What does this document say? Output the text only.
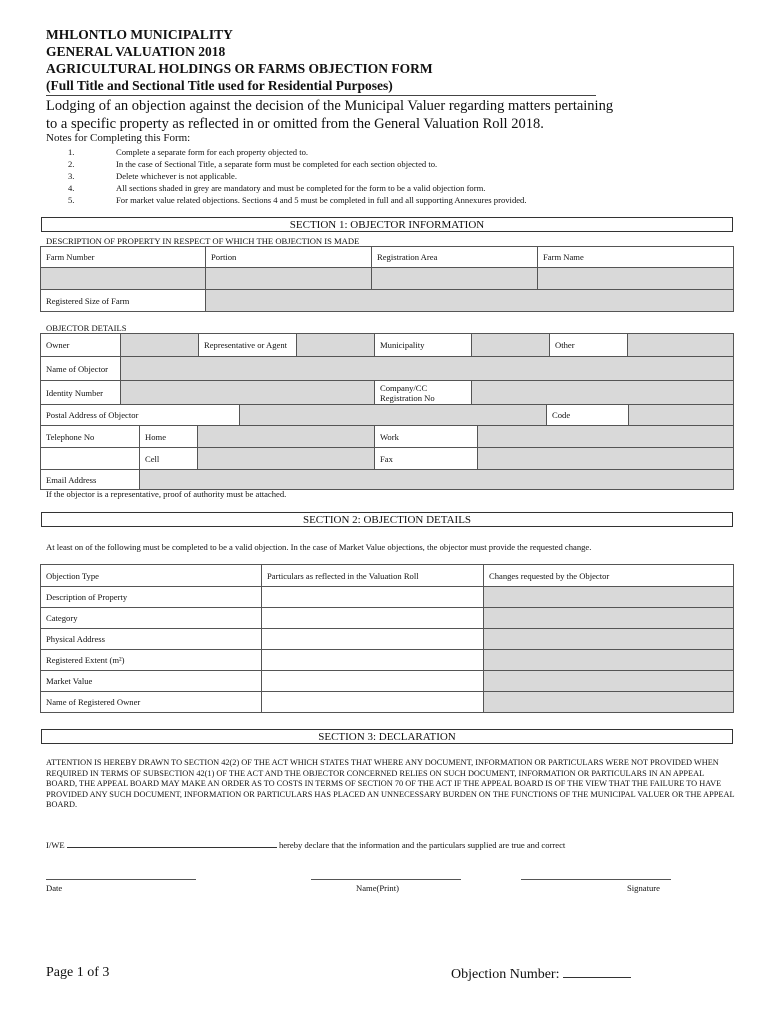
MHLONTLO MUNICIPALITY
GENERAL VALUATION 2018
AGRICULTURAL HOLDINGS OR FARMS OBJECTION FORM
(Full Title and Sectional Title used for Residential Purposes)
Lodging of an objection against the decision of the Municipal Valuer regarding matters pertaining
to a specific property as reflected in or omitted from the General Valuation Roll 2018.
Notes for Completing this Form:
1.	Complete a separate form for each property objected to.
2.	In the case of Sectional Title, a separate form must be completed for each section objected to.
3.	Delete whichever is not applicable.
4.	All sections shaded in grey are mandatory and must be completed for the form to be a valid objection form.
5.	For market value related objections. Sections 4 and 5 must be completed in full and all supporting Annexures provided.
SECTION 1: OBJECTOR INFORMATION
DESCRIPTION OF PROPERTY IN RESPECT OF WHICH THE OBJECTION IS MADE
Farm Number	Portion	Registration Area	Farm Name

Registered Size of Farm			
OBJECTOR DETAILS
Owner		Representative or Agent		Municipality		Other	
Name of Objector							
Identity Number				Company/CC Registration No			
Postal Address of Objector		Code	
Telephone No	Home		Work	
	Cell		Fax	
Email Address				
If the objector is a representative, proof of authority must be attached.
SECTION 2: OBJECTION DETAILS
At least on of the following must be completed to be a valid objection. In the case of Market Value objections, the objector must provide the requested change.
Objection Type	Particulars as reflected in the Valuation Roll	Changes requested by the Objector
Description of Property		
Category		
Physical Address		
Registered Extent (m²)		
Market Value		
Name of Registered Owner		
SECTION 3: DECLARATION
ATTENTION IS HEREBY DRAWN TO SECTION 42(2) OF THE ACT WHICH STATES THAT WHERE ANY DOCUMENT, INFORMATION OR PARTICULARS WERE NOT PROVIDED WHEN REQUIRED IN TERMS OF SUBSECTION 42(1) OF THE ACT AND THE OBJECTOR CONCERNED RELIES ON SUCH DOCUMENT, INFORMATION OR PARTICULARS IN AN APPEAL BOARD, THE APPEAL BOARD MAY MAKE AN ORDER AS TO COSTS IN TERMS OF SECTION 70 OF THE ACT IF THE APPEAL BOARD IS OF THE VIEW THAT THE FAILURE TO HAVE PROVIDED ANY SUCH DOCUMENT, INFORMATION OR PARTICULARS HAS PLACED AN UNNECESSARY BURDEN ON THE FUNCTIONS OF THE MUNICIPAL VALUER OR THE APPEAL BOARD.
I/WE	hereby declare that the information and the particulars supplied are true and correct
Date	Name(Print)	Signature
Page 1 of 3	Objection Number:
